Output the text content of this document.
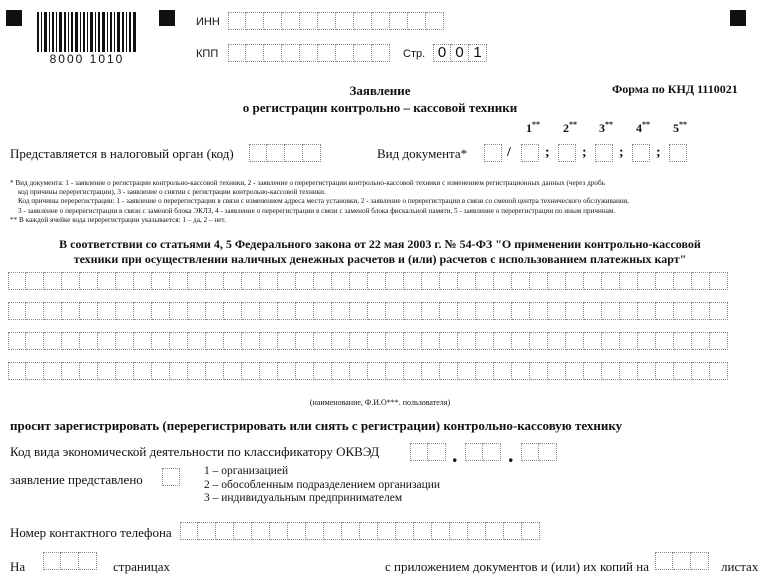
8000 1010
ИНН
КПП	Стр. 0 0 1
Форма по КНД 1110021
Заявление
о регистрации контрольно – кассовой техники
1** 2** 3** 4** 5**
Представляется в налоговый орган (код)	Вид документа*	/ ; ; ; ;
* Вид документа: 1 - заявление о регистрации контрольно-кассовой техники, 2 - заявление о перерегистрации контрольно-кассовой техники с изменением регистрационных данных (через дробь
код причины перерегистрации), 3 - заявление о снятии с регистрации контрольно-кассовой техники.
Код причины перерегистрации: 1 - заявление о перерегистрации в связи с изменением адреса места установки, 2 - заявление о перерегистрации в связи со сменой центра технического обслуживания,
3 - заявление о перерегистрации в связи с заменой блока ЭКЛЗ, 4 - заявление о перерегистрации в связи с заменой блока фискальной памяти, 5 - заявление о перерегистрации по иным причинам.
** В каждой ячейке кода перерегистрации указывается: 1 – да, 2 – нет.
В соответствии со статьями 4, 5 Федерального закона от 22 мая 2003 г. № 54-ФЗ "О применении контрольно-кассовой
техники при осуществлении наличных денежных расчетов и (или) расчетов с использованием платежных карт"
(наименование, Ф.И.О***. пользователя)
просит зарегистрировать (перерегистрировать или снять с регистрации) контрольно-кассовую технику
Код вида экономической деятельности по классификатору ОКВЭД	. .
заявление представлено
1 – организацией
2 – обособленным подразделением организации
3 – индивидуальным предпринимателем
Номер контактного телефона
На	страницах	с приложением документов и (или) их копий на	листах
